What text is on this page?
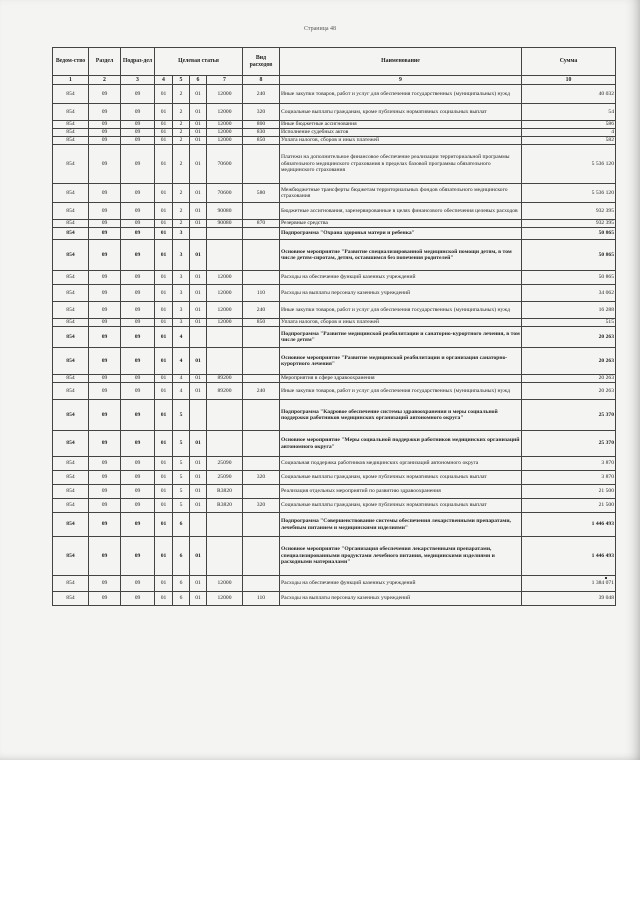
Страница 48
Ведом-ство	Раздел	Подраз-дел	Целевая статья				Вид расходов	Наименование	Сумма
1	2	3	4	5	6	7	8	9	10
854	09	09	01	2	01	12000	240	Иные закупки товаров, работ и услуг для обеспечения государственных (муниципальных) нужд	40 032
854	09	09	01	2	01	12000	320	Социальные выплаты гражданам, кроме публичных нормативных социальных выплат	54
854	09	09	01	2	01	12000	800	Иные бюджетные ассигнования	586
854	09	09	01	2	01	12000	830	Исполнение судебных актов	4
854	09	09	01	2	01	12000	850	Уплата налогов, сборов и иных платежей	582
854	09	09	01	2	01	70600		Платежи на дополнительное финансовое обеспечение реализации территориальной программы обязательного медицинского страхования в пределах базовой программы обязательного медицинского страхования	5 536 120
854	09	09	01	2	01	70600	580	Межбюджетные трансферты бюджетам территориальных фондов обязательного медицинского страхования	5 536 120
854	09	09	01	2	01	90080		Бюджетные ассигнования, зарезервированные в целях финансового обеспечения целевых расходов	932 395
854	09	09	01	2	01	90080	870	Резервные средства	932 395
854	09	09	01	3				Подпрограмма "Охрана здоровья матери и ребенка"	50 865
854	09	09	01	3	01			Основное мероприятие "Развитие специализированной медицинской помощи детям, в том числе детям-сиротам, детям, оставшимся без попечения родителей"	50 865
854	09	09	01	3	01	12000		Расходы на обеспечение функций казенных учреждений	50 865
854	09	09	01	3	01	12000	110	Расходы на выплаты персоналу казенных учреждений	34 062
854	09	09	01	3	01	12000	240	Иные закупки товаров, работ и услуг для обеспечения государственных (муниципальных) нужд	16 288
854	09	09	01	3	01	12000	850	Уплата налогов, сборов и иных платежей	515
854	09	09	01	4				Подпрограмма "Развитие медицинской реабилитации и санаторно-курортного лечения, в том числе детям"	20 263
854	09	09	01	4	01			Основное мероприятие "Развитие медицинской реабилитации и организация санаторно-курортного лечения"	20 263
854	09	09	01	4	01	89200		Мероприятия в сфере здравоохранения	20 263
854	09	09	01	4	01	89200	240	Иные закупки товаров, работ и услуг для обеспечения государственных (муниципальных) нужд	20 263
854	09	09	01	5				Подпрограмма "Кадровое обеспечение системы здравоохранения и меры социальной поддержки работников медицинских организаций автономного округа"	25 370
854	09	09	01	5	01			Основное мероприятие "Меры социальной поддержки работников медицинских организаций автономного округа"	25 370
854	09	09	01	5	01	25090		Социальная поддержка работников медицинских организаций автономного округа	3 870
854	09	09	01	5	01	25090	320	Социальные выплаты гражданам, кроме публичных нормативных социальных выплат	3 870
854	09	09	01	5	01	R3820		Реализация отдельных мероприятий по развитию здравоохранения	21 500
854	09	09	01	5	01	R3820	320	Социальные выплаты гражданам, кроме публичных нормативных социальных выплат	21 500
854	09	09	01	6				Подпрограмма "Совершенствование системы обеспечения лекарственными препаратами, лечебным питанием и медицинскими изделиями"	1 446 493
854	09	09	01	6	01			Основное мероприятие "Организация обеспечения лекарственными препаратами, специализированными продуктами лечебного питания, медицинскими изделиями и расходными материалами"	1 446 493
854	09	09	01	6	01	12000		Расходы на обеспечение функций казенных учреждений	1 384 071
854	09	09	01	6	01	12000	110	Расходы на выплаты персоналу казенных учреждений	39 048
